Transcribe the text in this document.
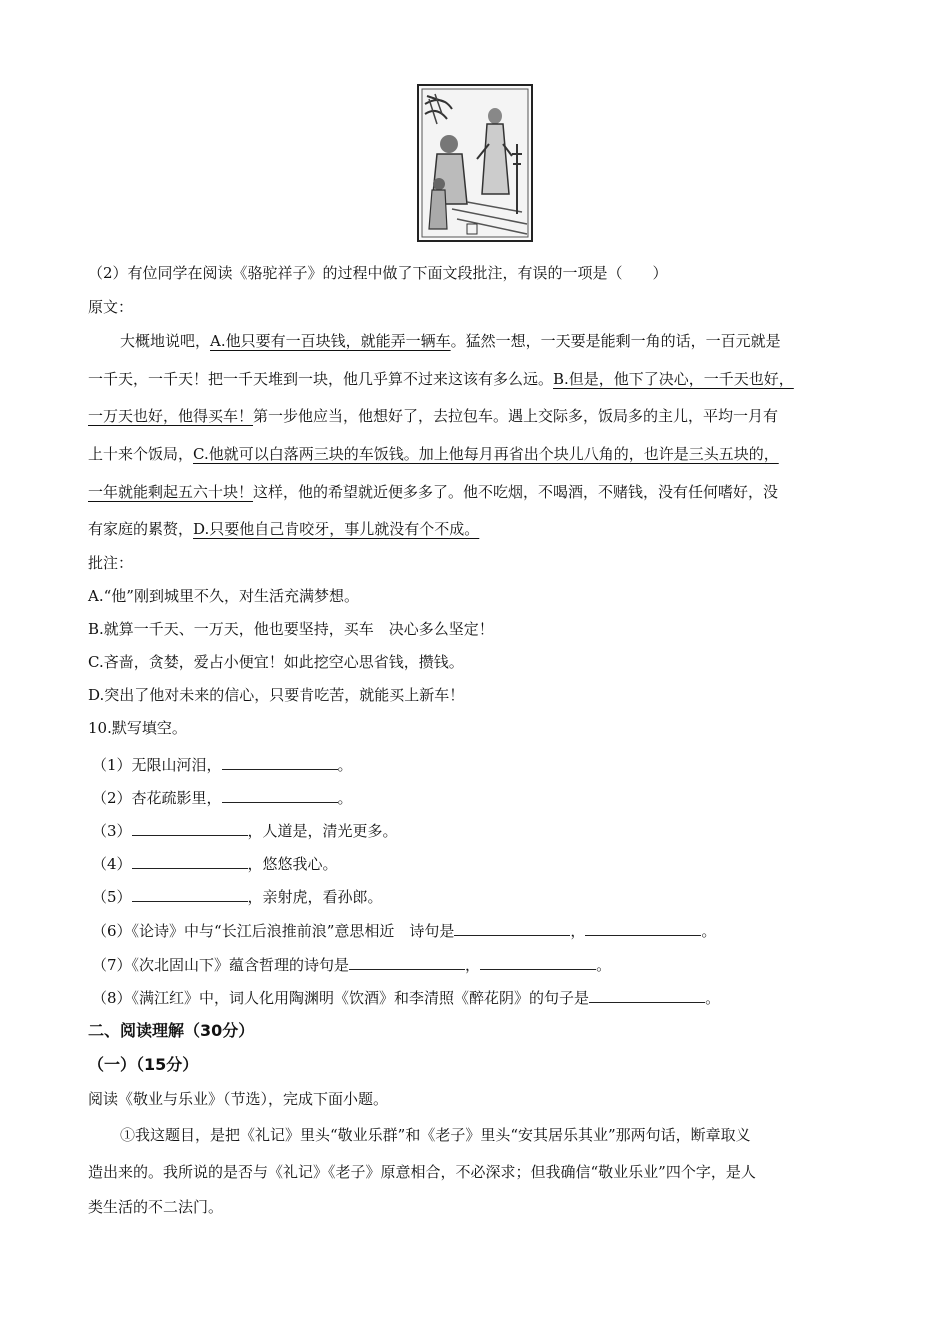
（2）有位同学在阅读《骆驼祥子》的过程中做了下面文段批注，有误的一项是（　　）
原文：
大概地说吧，A.他只要有一百块钱，就能弄一辆车。猛然一想，一天要是能剩一角的话，一百元就是
一千天，一千天！把一千天堆到一块，他几乎算不过来这该有多么远。B.但是，他下了决心，一千天也好，
一万天也好，他得买车！第一步他应当，他想好了，去拉包车。遇上交际多，饭局多的主儿，平均一月有
上十来个饭局，C.他就可以白落两三块的车饭钱。加上他每月再省出个块儿八角的，也许是三头五块的，
一年就能剩起五六十块！这样，他的希望就近便多多了。他不吃烟，不喝酒，不赌钱，没有任何嗜好，没
有家庭的累赘，D.只要他自己肯咬牙，事儿就没有个不成。
批注：
A.“他”刚到城里不久，对生活充满梦想。
B.就算一千天、一万天，他也要坚持，买车　决心多么坚定！
C.吝啬，贪婪，爱占小便宜！如此挖空心思省钱，攒钱。
D.突出了他对未来的信心，只要肯吃苦，就能买上新车！
10.默写填空。
（1）无限山河泪，	。
（2）杏花疏影里，	。
（3）	，人道是，清光更多。
（4）	，悠悠我心。
（5）	，亲射虎，看孙郎。
（6）《论诗》中与“长江后浪推前浪”意思相近　诗句是	，	。
（7）《次北固山下》蕴含哲理的诗句是	，	。
（8）《满江红》中，词人化用陶渊明《饮酒》和李清照《醉花阴》的句子是	。
二、阅读理解（30分）
（一）（15分）
阅读《敬业与乐业》（节选），完成下面小题。
①我这题目，是把《礼记》里头“敬业乐群”和《老子》里头“安其居乐其业”那两句话，断章取义
造出来的。我所说的是否与《礼记》《老子》原意相合，不必深求；但我确信“敬业乐业”四个字，是人
类生活的不二法门。
